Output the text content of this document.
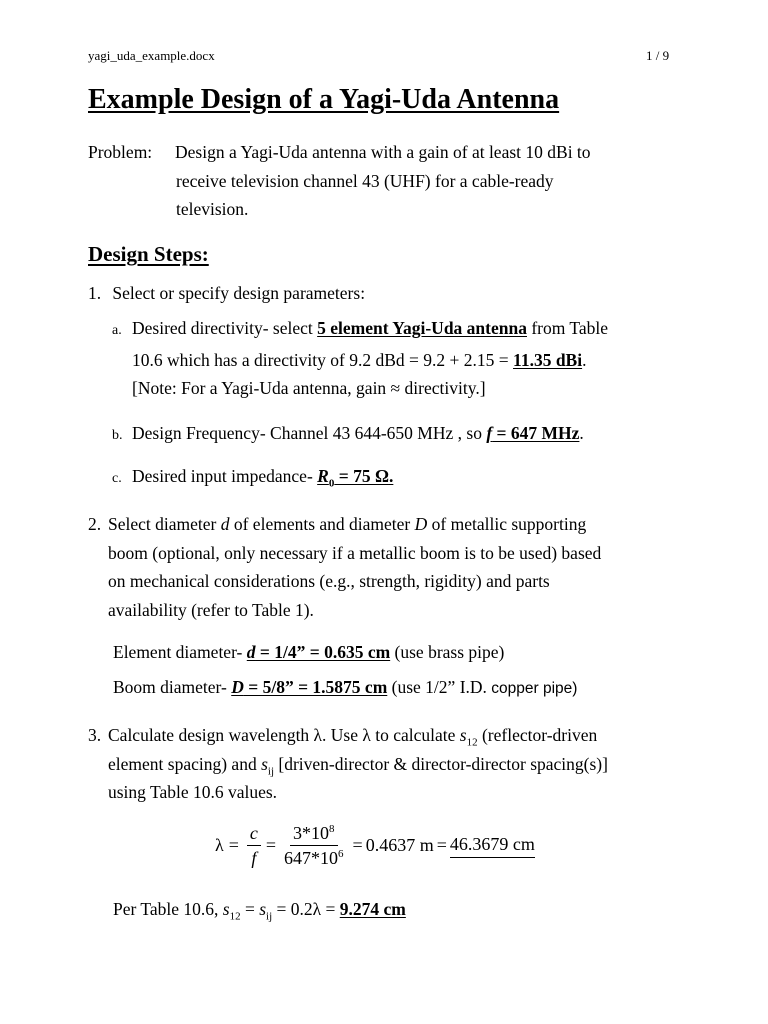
yagi_uda_example.docx	1 / 9
Example Design of a Yagi-Uda Antenna
Problem:	Design a Yagi-Uda antenna with a gain of at least 10 dBi to
receive television channel 43 (UHF) for a cable-ready
television.
Design Steps:
1. Select or specify design parameters:
a. Desired directivity- select 5 element Yagi-Uda antenna from Table
10.6 which has a directivity of 9.2 dBd = 9.2 + 2.15 = 11.35 dBi.
[Note: For a Yagi-Uda antenna, gain ≈ directivity.]
b. Design Frequency- Channel 43 644-650 MHz , so f = 647 MHz.
c. Desired input impedance- $R_0 = 75$ Ω.
2. Select diameter d of elements and diameter D of metallic supporting
boom (optional, only necessary if a metallic boom is to be used) based
on mechanical considerations (e.g., strength, rigidity) and parts
availability (refer to Table 1).
Element diameter- d = 1/4” = 0.635 cm (use brass pipe)
Boom diameter- D = 5/8” = 1.5875 cm (use 1/2” I.D. copper pipe)
3. Calculate design wavelength λ. Use λ to calculate $s_{12}$ (reflector-driven
element spacing) and $s_{ij}$ [driven-director & director-director spacing(s)]
using Table 10.6 values.
$\lambda = \frac{c}{f} = \frac{3*10^8}{647*10^6} = 0.4637$ m = 46.3679 cm
Per Table 10.6, $s_{12} = s_{ij} = 0.2\lambda = 9.274$ cm
